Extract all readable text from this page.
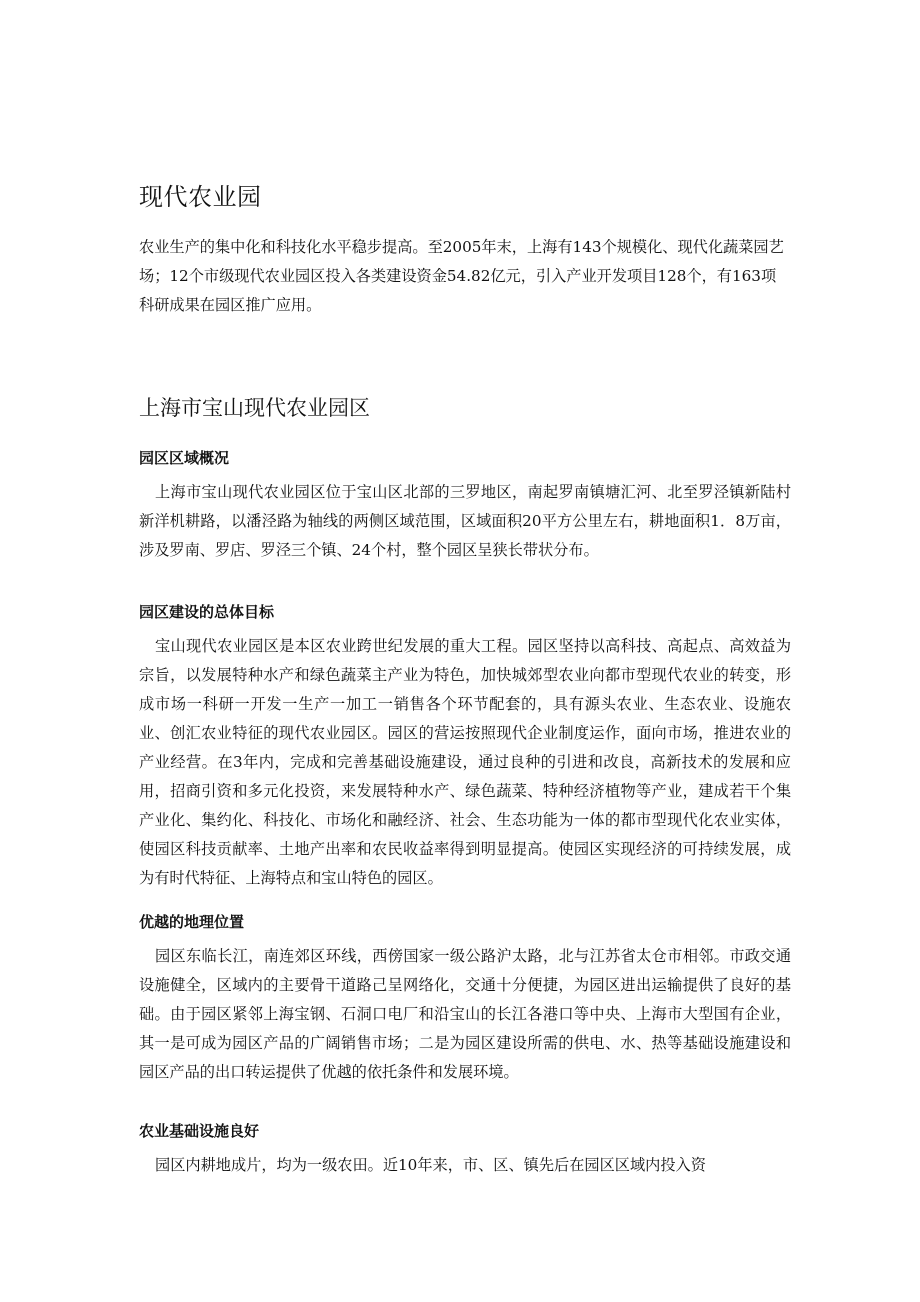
现代农业园

农业生产的集中化和科技化水平稳步提高。至2005年末，上海有143个规模化、现代化蔬菜园艺场；12个市级现代农业园区投入各类建设资金54.82亿元，引入产业开发项目128个，有163项科研成果在园区推广应用。

上海市宝山现代农业园区
园区区域概况

上海市宝山现代农业园区位于宝山区北部的三罗地区，南起罗南镇塘汇河、北至罗泾镇新陆村新洋机耕路，以潘泾路为轴线的两侧区域范围，区域面积20平方公里左右，耕地面积1．8万亩，涉及罗南、罗店、罗泾三个镇、24个村，整个园区呈狭长带状分布。

园区建设的总体目标

宝山现代农业园区是本区农业跨世纪发展的重大工程。园区坚持以高科技、高起点、高效益为宗旨，以发展特种水产和绿色蔬菜主产业为特色，加快城郊型农业向都市型现代农业的转变，形成市场一科研一开发一生产一加工一销售各个环节配套的，具有源头农业、生态农业、设施农业、创汇农业特征的现代农业园区。园区的营运按照现代企业制度运作，面向市场，推进农业的产业经营。在3年内，完成和完善基础设施建设，通过良种的引进和改良，高新技术的发展和应用，招商引资和多元化投资，来发展特种水产、绿色蔬菜、特种经济植物等产业，建成若干个集产业化、集约化、科技化、市场化和融经济、社会、生态功能为一体的都市型现代化农业实体，使园区科技贡献率、土地产出率和农民收益率得到明显提高。使园区实现经济的可持续发展，成为有时代特征、上海特点和宝山特色的园区。

优越的地理位置

园区东临长江，南连郊区环线，西傍国家一级公路沪太路，北与江苏省太仓市相邻。市政交通设施健全，区域内的主要骨干道路己呈网络化，交通十分便捷，为园区进出运输提供了良好的基础。由于园区紧邻上海宝钢、石洞口电厂和沿宝山的长江各港口等中央、上海市大型国有企业，其一是可成为园区产品的广阔销售市场；二是为园区建设所需的供电、水、热等基础设施建设和园区产品的出口转运提供了优越的依托条件和发展环境。

农业基础设施良好

园区内耕地成片，均为一级农田。近10年来，市、区、镇先后在园区区域内投入资
